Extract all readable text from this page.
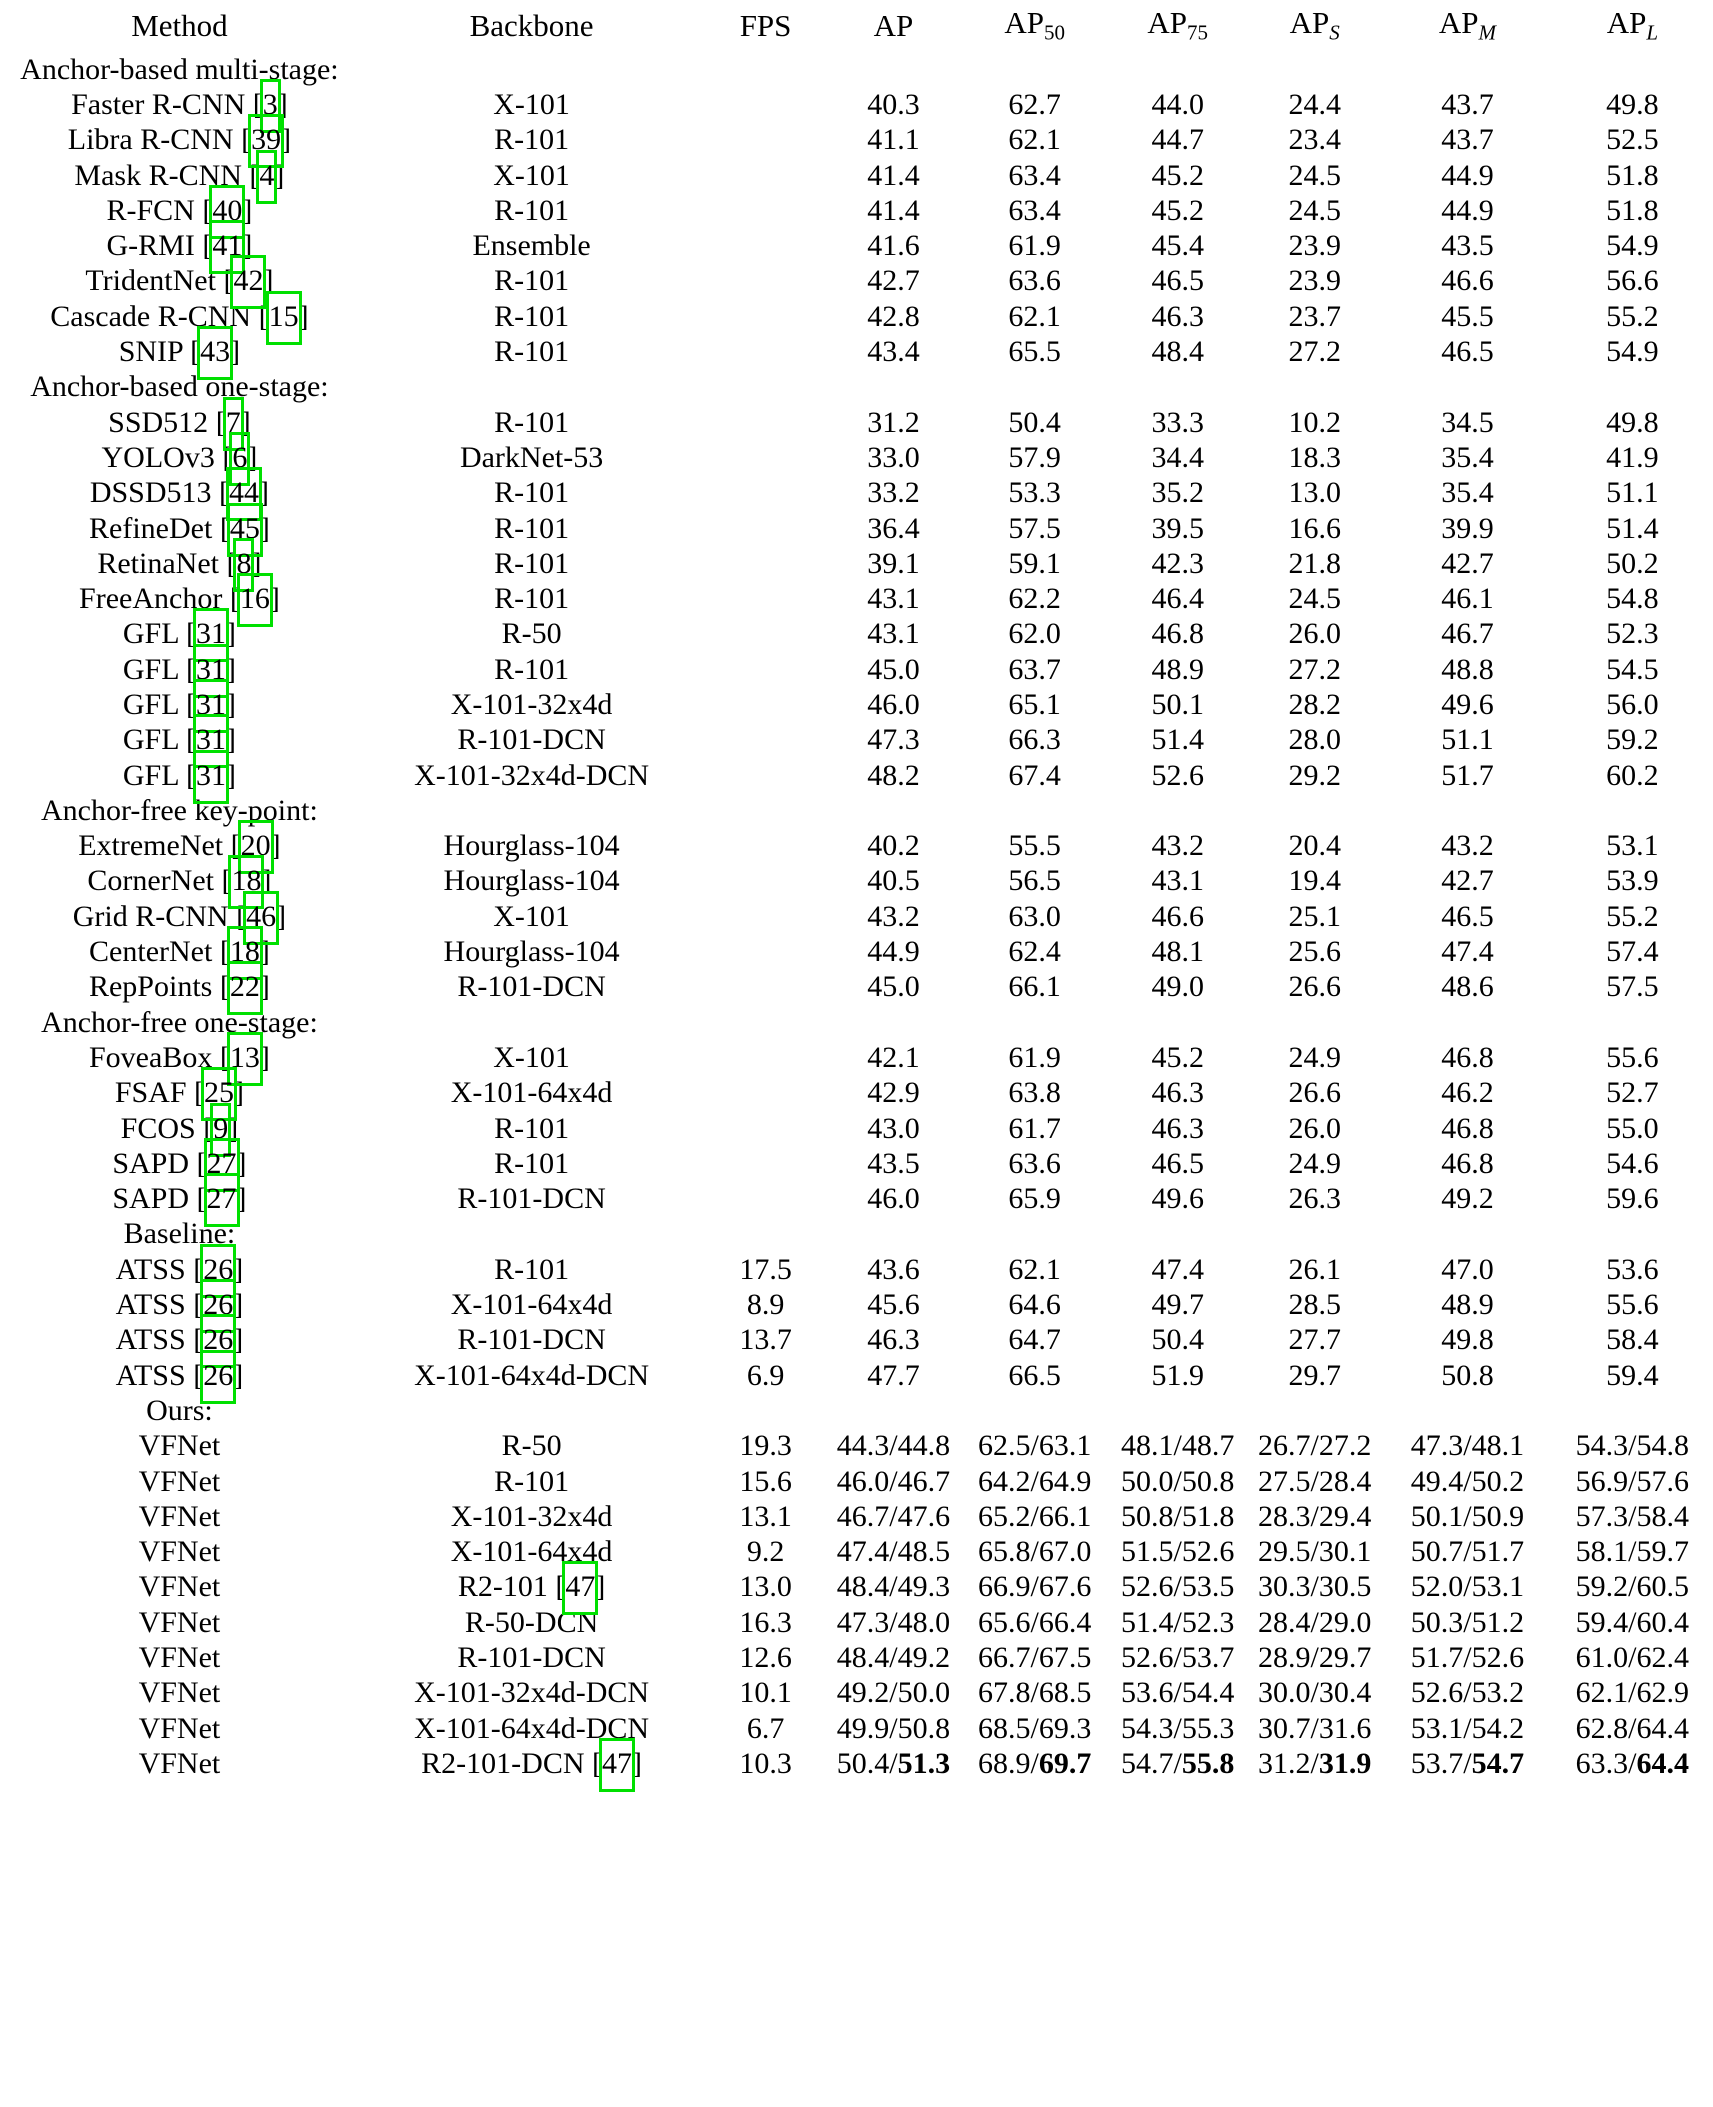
Method	Backbone	FPS	AP	$AP_{50}$	$AP_{75}$	$AP_S$	$AP_M$	$AP_L$
Anchor-based multi-stage:								
Faster R-CNN [3]	X-101		40.3	62.7	44.0	24.4	43.7	49.8
Libra R-CNN [39]	R-101		41.1	62.1	44.7	23.4	43.7	52.5
Mask R-CNN [4]	X-101		41.4	63.4	45.2	24.5	44.9	51.8
R-FCN [40]	R-101		41.4	63.4	45.2	24.5	44.9	51.8
G-RMI [41]	Ensemble		41.6	61.9	45.4	23.9	43.5	54.9
TridentNet [42]	R-101		42.7	63.6	46.5	23.9	46.6	56.6
Cascade R-CNN [15]	R-101		42.8	62.1	46.3	23.7	45.5	55.2
SNIP [43]	R-101		43.4	65.5	48.4	27.2	46.5	54.9
Anchor-based one-stage:								
SSD512 [7]	R-101		31.2	50.4	33.3	10.2	34.5	49.8
YOLOv3 [6]	DarkNet-53		33.0	57.9	34.4	18.3	35.4	41.9
DSSD513 [44]	R-101		33.2	53.3	35.2	13.0	35.4	51.1
RefineDet [45]	R-101		36.4	57.5	39.5	16.6	39.9	51.4
RetinaNet [8]	R-101		39.1	59.1	42.3	21.8	42.7	50.2
FreeAnchor [16]	R-101		43.1	62.2	46.4	24.5	46.1	54.8
GFL [31]	R-50		43.1	62.0	46.8	26.0	46.7	52.3
GFL [31]	R-101		45.0	63.7	48.9	27.2	48.8	54.5
GFL [31]	X-101-32x4d		46.0	65.1	50.1	28.2	49.6	56.0
GFL [31]	R-101-DCN		47.3	66.3	51.4	28.0	51.1	59.2
GFL [31]	X-101-32x4d-DCN		48.2	67.4	52.6	29.2	51.7	60.2
Anchor-free key-point:								
ExtremeNet [20]	Hourglass-104		40.2	55.5	43.2	20.4	43.2	53.1
CornerNet [18]	Hourglass-104		40.5	56.5	43.1	19.4	42.7	53.9
Grid R-CNN [46]	X-101		43.2	63.0	46.6	25.1	46.5	55.2
CenterNet [18]	Hourglass-104		44.9	62.4	48.1	25.6	47.4	57.4
RepPoints [22]	R-101-DCN		45.0	66.1	49.0	26.6	48.6	57.5
Anchor-free one-stage:								
FoveaBox [13]	X-101		42.1	61.9	45.2	24.9	46.8	55.6
FSAF [25]	X-101-64x4d		42.9	63.8	46.3	26.6	46.2	52.7
FCOS [9]	R-101		43.0	61.7	46.3	26.0	46.8	55.0
SAPD [27]	R-101		43.5	63.6	46.5	24.9	46.8	54.6
SAPD [27]	R-101-DCN		46.0	65.9	49.6	26.3	49.2	59.6
Baseline:								
ATSS [26]	R-101	17.5	43.6	62.1	47.4	26.1	47.0	53.6
ATSS [26]	X-101-64x4d	8.9	45.6	64.6	49.7	28.5	48.9	55.6
ATSS [26]	R-101-DCN	13.7	46.3	64.7	50.4	27.7	49.8	58.4
ATSS [26]	X-101-64x4d-DCN	6.9	47.7	66.5	51.9	29.7	50.8	59.4
Ours:								
VFNet	R-50	19.3	44.3/44.8	62.5/63.1	48.1/48.7	26.7/27.2	47.3/48.1	54.3/54.8
VFNet	R-101	15.6	46.0/46.7	64.2/64.9	50.0/50.8	27.5/28.4	49.4/50.2	56.9/57.6
VFNet	X-101-32x4d	13.1	46.7/47.6	65.2/66.1	50.8/51.8	28.3/29.4	50.1/50.9	57.3/58.4
VFNet	X-101-64x4d	9.2	47.4/48.5	65.8/67.0	51.5/52.6	29.5/30.1	50.7/51.7	58.1/59.7
VFNet	R2-101 [47]	13.0	48.4/49.3	66.9/67.6	52.6/53.5	30.3/30.5	52.0/53.1	59.2/60.5
VFNet	R-50-DCN	16.3	47.3/48.0	65.6/66.4	51.4/52.3	28.4/29.0	50.3/51.2	59.4/60.4
VFNet	R-101-DCN	12.6	48.4/49.2	66.7/67.5	52.6/53.7	28.9/29.7	51.7/52.6	61.0/62.4
VFNet	X-101-32x4d-DCN	10.1	49.2/50.0	67.8/68.5	53.6/54.4	30.0/30.4	52.6/53.2	62.1/62.9
VFNet	X-101-64x4d-DCN	6.7	49.9/50.8	68.5/69.3	54.3/55.3	30.7/31.6	53.1/54.2	62.8/64.4
VFNet	R2-101-DCN [47]	10.3	50.4/51.3	68.9/69.7	54.7/55.8	31.2/31.9	53.7/54.7	63.3/64.4
